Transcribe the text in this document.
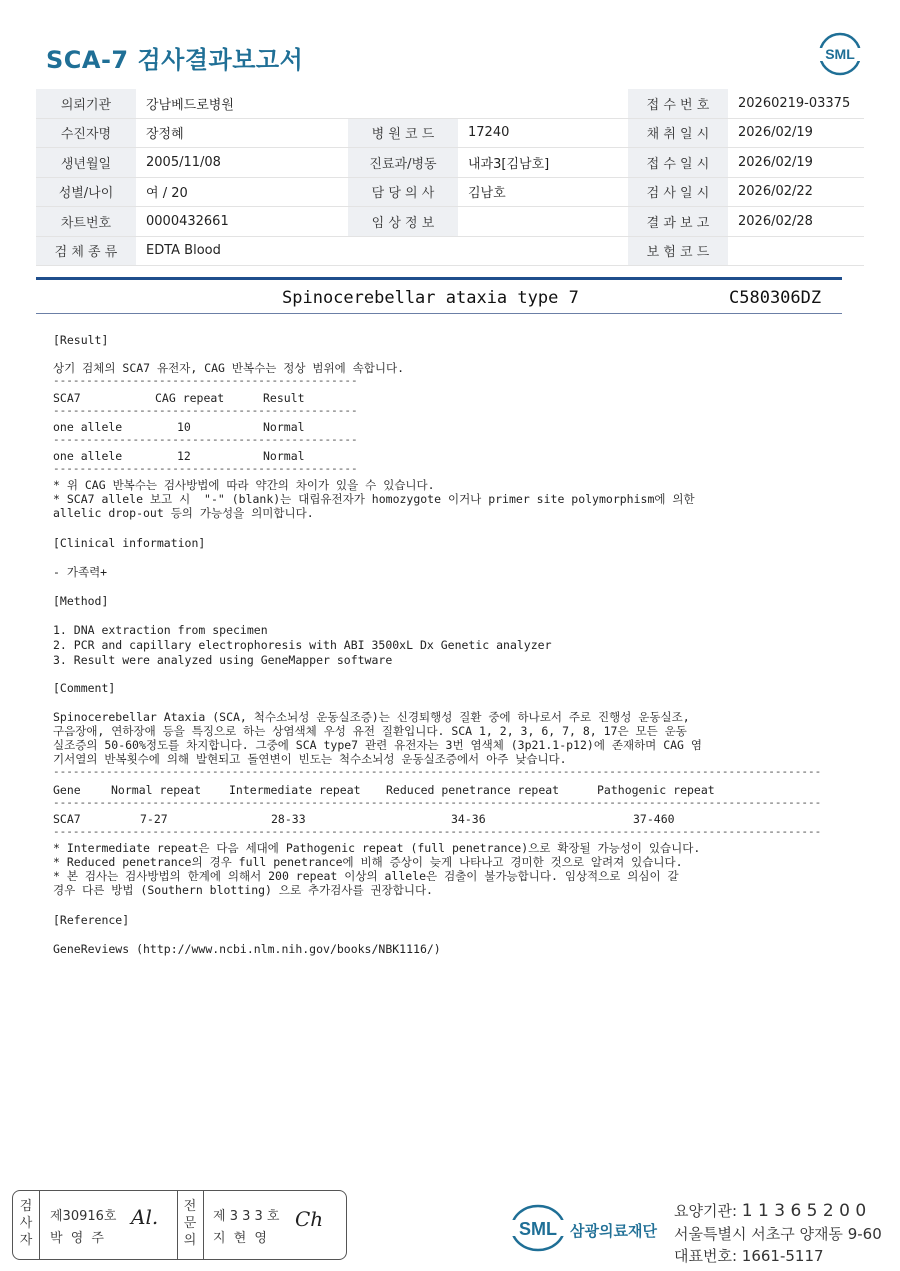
SCA-7 검사결과보고서	SML
의뢰기관	강남베드로병원			접 수 번 호	20260219-03375
수진자명	장정혜	병 원 코 드	17240	채 취 일 시	2026/02/19
생년월일	2005/11/08	진료과/병동	내과3[김남호]	접 수 일 시	2026/02/19
성별/나이	여 / 20	담 당 의 사	김남호	검 사 일 시	2026/02/22
차트번호	0000432661	임 상 정 보		결 과 보 고	2026/02/28
검 체 종 류	EDTA Blood			보 험 코 드	
Spinocerebellar ataxia type 7	C580306DZ
[Result]
상기 검체의 SCA7 유전자, CAG 반복수는 정상 범위에 속합니다.
----------------------------------------------
SCA7	CAG repeat	Result
----------------------------------------------
one allele	10	Normal
----------------------------------------------
one allele	12	Normal
----------------------------------------------
* 위 CAG 반복수는 검사방법에 따라 약간의 차이가 있을 수 있습니다.
* SCA7 allele 보고 시  "-" (blank)는 대립유전자가 homozygote 이거나 primer site polymorphism에 의한
allelic drop-out 등의 가능성을 의미합니다.
[Clinical information]
- 가족력+
[Method]
1. DNA extraction from specimen
2. PCR and capillary electrophoresis with ABI 3500xL Dx Genetic analyzer
3. Result were analyzed using GeneMapper software
[Comment]
Spinocerebellar Ataxia (SCA, 척수소뇌성 운동실조증)는 신경퇴행성 질환 중에 하나로서 주로 진행성 운동실조,
구음장애, 연하장애 등을 특징으로 하는 상염색체 우성 유전 질환입니다. SCA 1, 2, 3, 6, 7, 8, 17은 모든 운동
실조증의 50-60%정도를 차지합니다. 그중에 SCA type7 관련 유전자는 3번 염색체 (3p21.1-p12)에 존재하며 CAG 염
기서열의 반복횟수에 의해 발현되고 돌연변이 빈도는 척수소뇌성 운동실조증에서 아주 낮습니다.
--------------------------------------------------------------------------------------------------------------------
Gene	Normal repeat Intermediate repeat Reduced penetrance repeat	Pathogenic repeat
--------------------------------------------------------------------------------------------------------------------
SCA7	7-27	28-33	34-36	37-460
--------------------------------------------------------------------------------------------------------------------
* Intermediate repeat은 다음 세대에 Pathogenic repeat (full penetrance)으로 확장될 가능성이 있습니다.
* Reduced penetrance의 경우 full penetrance에 비해 증상이 늦게 나타나고 경미한 것으로 알려져 있습니다.
* 본 검사는 검사방법의 한계에 의해서 200 repeat 이상의 allele은 검출이 불가능합니다. 임상적으로 의심이 갈
경우 다른 방법 (Southern blotting) 으로 추가검사를 권장합니다.
[Reference]
GeneReviews (http://www.ncbi.nlm.nih.gov/books/NBK1116/)
검
사
자
제30916호
박 영 주
Al. 전
문
의
제 3 3 3 호
지 현 영
Ch	SML 삼광의료재단
요양기관: 1 1 3 6 5 2 0 0
서울특별시 서초구 양재동 9-60
대표번호: 1661-5117
